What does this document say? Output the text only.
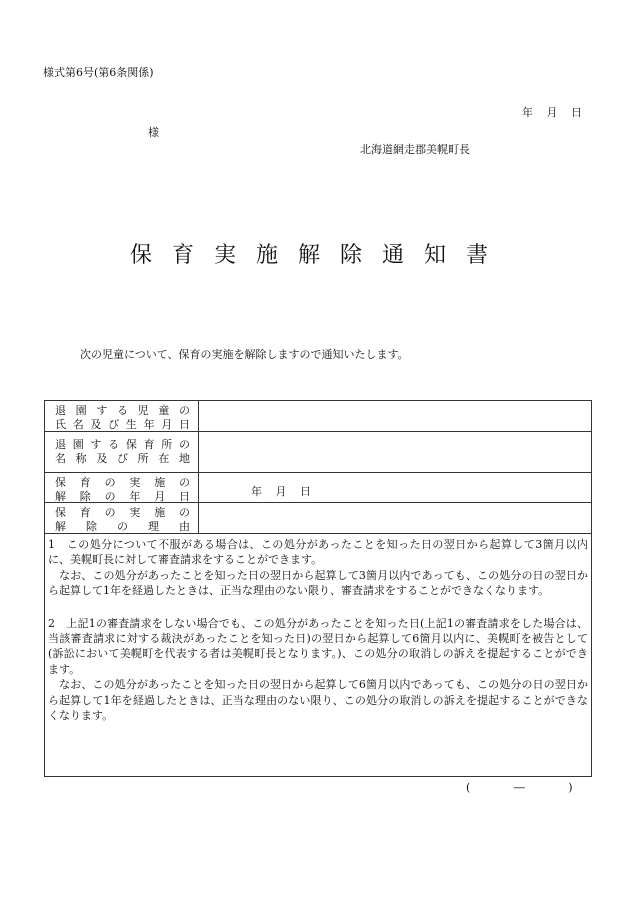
様式第6号(第6条関係)
年 月 日
様
北海道網走郡美幌町長
保育実施解除通知書
次の児童について、保育の実施を解除しますので通知いたします。
退園する児童の
氏名及び生年月日
退園する保育所の
名称及び所在地
保育の実施の
解除の年月日	年 月 日
保育の実施の
解除の理由

1　この処分について不服がある場合は、この処分があったことを知った日の翌日から起算して3箇月以内に、美幌町長に対して審査請求をすることができます。

　なお、この処分があったことを知った日の翌日から起算して3箇月以内であっても、この処分の日の翌日から起算して1年を経過したときは、正当な理由のない限り、審査請求をすることができなくなります。

2　上記1の審査請求をしない場合でも、この処分があったことを知った日(上記1の審査請求をした場合は、当該審査請求に対する裁決があったことを知った日)の翌日から起算して6箇月以内に、美幌町を被告として(訴訟において美幌町を代表する者は美幌町長となります。)、この処分の取消しの訴えを提起することができます。

　なお、この処分があったことを知った日の翌日から起算して6箇月以内であっても、この処分の日の翌日から起算して1年を経過したときは、正当な理由のない限り、この処分の取消しの訴えを提起することができなくなります。

( ― )
